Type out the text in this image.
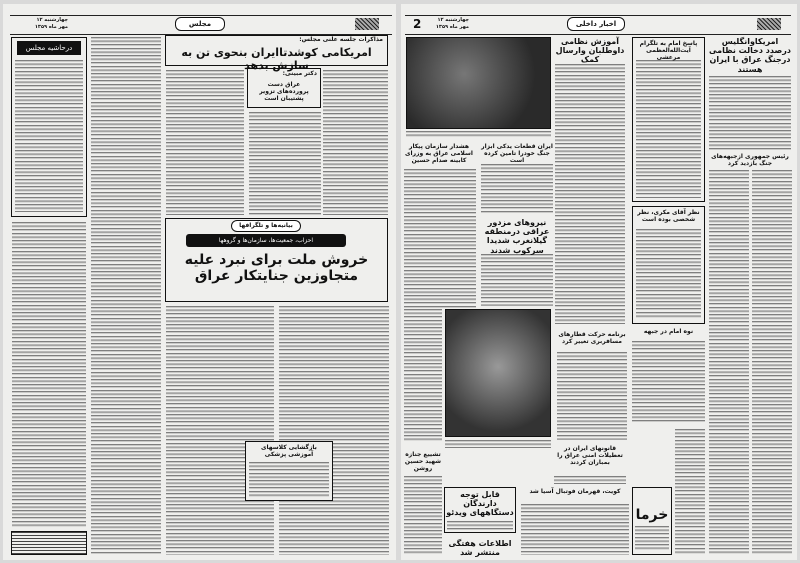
چهارشنبه ۱۲ مهر ماه ۱۳۵۹	مجلس
درحاشیه مجلس
مذاکرات جلسه علنی مجلس:
امریکامی کوشدتاایران بنحوی تن به سازش بدهد
دکتر مبینی:
عراق دست پرورده‌های تزویر پشتیبان است
بیانیه‌ها و تلگرافها
احزاب، جمعیت‌ها، سازمان‌ها و گروهها
خروش ملت برای نبرد علیه متجاوزین جنایتکار عراق
بازگشایی کلاسهای آموزشی پزشکی
2	چهارشنبه ۱۲ مهر ماه ۱۳۵۹	اخبار داخلی
آموزش نظامی داوطلبان وارسال کمک
پاسخ امام به تلگرام آیت‌الله‌العظمی مرعشی
نظر آقای مکری، نظر شخصی بوده است
امریکاوانگلیس درصدد دخالت نظامی درجنگ عراق با ایران هستند
رئیس جمهوری ازجبهه‌های جنگ بازدید کرد
هشدار سازمان پیکار اسلامی عراق به وزرای کابینه صدام حسین
ایران قطعات یدکی ابزار جنگ خودرا تامین کرده است
نیروهای مزدور عراقی درمنطقه گیلانغرب شدیدا سرکوب شدند
تشییع جنازه شهید حسین روشن
برنامه حرکت قطارهای مسافربری تغییر کرد
نوه امام در جبهه
قانونهای ایران در تعطیلات امنی عراق را بمباران کردند
قابل توجه دارندگان دستگاههای ویدئو
اطلاعات هفتگی منتشر شد
کویت، قهرمان فوتبال آسیا شد
خرما
